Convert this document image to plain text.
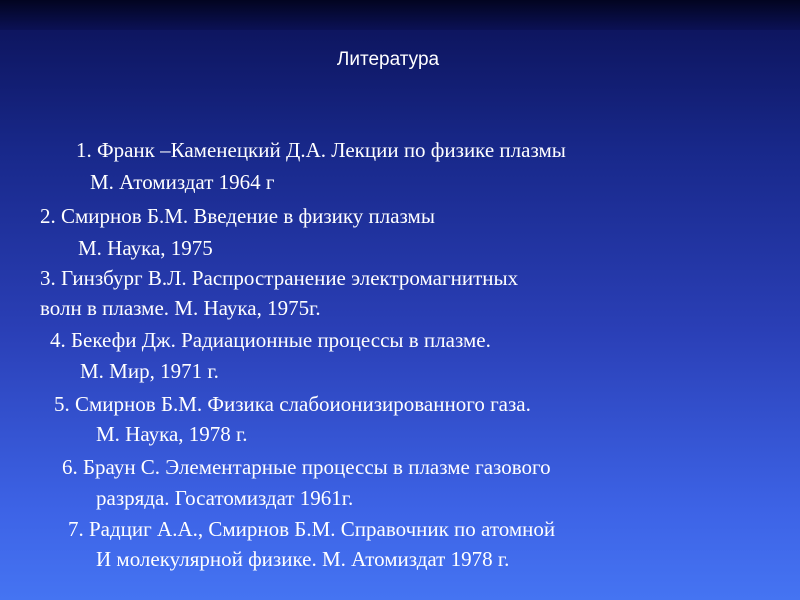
Литература
1. Франк –Каменецкий Д.А. Лекции по физике плазмы
М. Атомиздат 1964 г
2. Смирнов Б.М. Введение в физику плазмы
М. Наука, 1975
3. Гинзбург В.Л. Распространение электромагнитных
волн в плазме. М. Наука, 1975г.
4. Бекефи Дж. Радиационные процессы в плазме.
М. Мир, 1971 г.
5. Смирнов Б.М. Физика слабоионизированного газа.
М. Наука, 1978 г.
6. Браун С. Элементарные процессы в плазме газового
разряда. Госатомиздат 1961г.
7. Радциг А.А., Смирнов Б.М. Справочник по атомной
И молекулярной физике. М. Атомиздат 1978 г.
